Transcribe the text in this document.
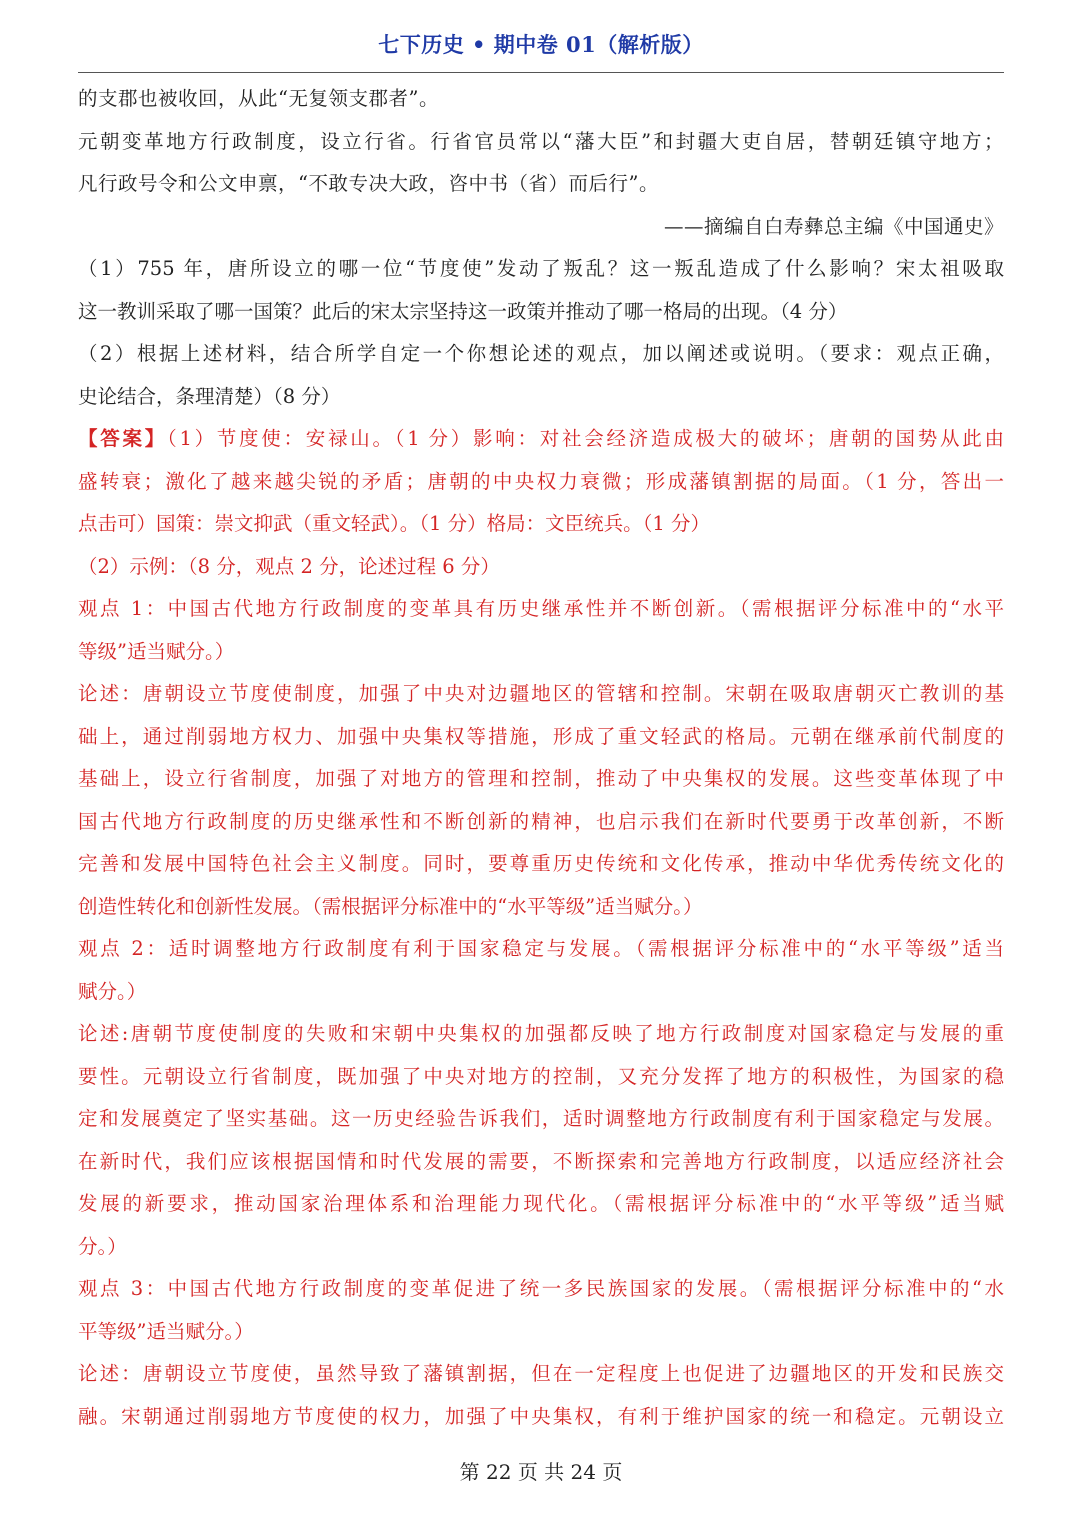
七下历史 • 期中卷 01（解析版）
的支郡也被收回，从此“无复领支郡者”。
元朝变革地方行政制度，设立行省。行省官员常以“藩大臣”和封疆大吏自居，替朝廷镇守地方；
凡行政号令和公文申禀，“不敢专决大政，咨中书（省）而后行”。
——摘编自白寿彝总主编《中国通史》
（1）755 年，唐所设立的哪一位“节度使”发动了叛乱？这一叛乱造成了什么影响？宋太祖吸取
这一教训采取了哪一国策？此后的宋太宗坚持这一政策并推动了哪一格局的出现。（4 分）
（2）根据上述材料，结合所学自定一个你想论述的观点，加以阐述或说明。（要求：观点正确，
史论结合，条理清楚）（8 分）
【答案】（1）节度使：安禄山。（1 分）影响：对社会经济造成极大的破坏；唐朝的国势从此由
盛转衰；激化了越来越尖锐的矛盾；唐朝的中央权力衰微；形成藩镇割据的局面。（1 分，答出一
点击可）国策：崇文抑武（重文轻武）。（1 分）格局：文臣统兵。（1 分）
（2）示例：（8 分，观点 2 分，论述过程 6 分）
观点 1：中国古代地方行政制度的变革具有历史继承性并不断创新。（需根据评分标准中的“水平
等级”适当赋分。）
论述：唐朝设立节度使制度，加强了中央对边疆地区的管辖和控制。宋朝在吸取唐朝灭亡教训的基
础上，通过削弱地方权力、加强中央集权等措施，形成了重文轻武的格局。元朝在继承前代制度的
基础上，设立行省制度，加强了对地方的管理和控制，推动了中央集权的发展。这些变革体现了中
国古代地方行政制度的历史继承性和不断创新的精神，也启示我们在新时代要勇于改革创新，不断
完善和发展中国特色社会主义制度。同时，要尊重历史传统和文化传承，推动中华优秀传统文化的
创造性转化和创新性发展。（需根据评分标准中的“水平等级”适当赋分。）
观点 2：适时调整地方行政制度有利于国家稳定与发展。（需根据评分标准中的“水平等级”适当
赋分。）
论述:唐朝节度使制度的失败和宋朝中央集权的加强都反映了地方行政制度对国家稳定与发展的重
要性。元朝设立行省制度，既加强了中央对地方的控制，又充分发挥了地方的积极性，为国家的稳
定和发展奠定了坚实基础。这一历史经验告诉我们，适时调整地方行政制度有利于国家稳定与发展。
在新时代，我们应该根据国情和时代发展的需要，不断探索和完善地方行政制度，以适应经济社会
发展的新要求，推动国家治理体系和治理能力现代化。（需根据评分标准中的“水平等级”适当赋
分。）
观点 3：中国古代地方行政制度的变革促进了统一多民族国家的发展。（需根据评分标准中的“水
平等级”适当赋分。）
论述：唐朝设立节度使，虽然导致了藩镇割据，但在一定程度上也促进了边疆地区的开发和民族交
融。宋朝通过削弱地方节度使的权力，加强了中央集权，有利于维护国家的统一和稳定。元朝设立
第 22 页 共 24 页
